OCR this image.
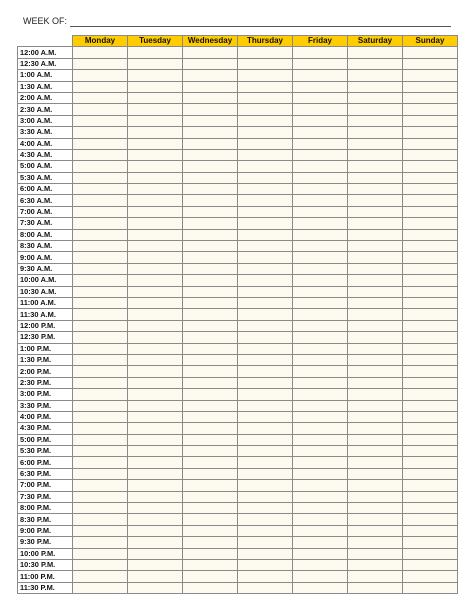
WEEK OF:
	Monday	Tuesday	Wednesday	Thursday	Friday	Saturday	Sunday
12:00 A.M.							
12:30 A.M.							
1:00 A.M.							
1:30 A.M.							
2:00 A.M.							
2:30 A.M.							
3:00 A.M.							
3:30 A.M.							
4:00 A.M.							
4:30 A.M.							
5:00 A.M.							
5:30 A.M.							
6:00 A.M.							
6:30 A.M.							
7:00 A.M.							
7:30 A.M.							
8:00 A.M.							
8:30 A.M.							
9:00 A.M.							
9:30 A.M.							
10:00 A.M.							
10:30 A.M.							
11:00 A.M.							
11:30 A.M.							
12:00 P.M.							
12:30 P.M.							
1:00 P.M.							
1:30 P.M.							
2:00 P.M.							
2:30 P.M.							
3:00 P.M.							
3:30 P.M.							
4:00 P.M.							
4:30 P.M.							
5:00 P.M.							
5:30 P.M.							
6:00 P.M.							
6:30 P.M.							
7:00 P.M.							
7:30 P.M.							
8:00 P.M.							
8:30 P.M.							
9:00 P.M.							
9:30 P.M.							
10:00 P.M.							
10:30 P.M.							
11:00 P.M.							
11:30 P.M.							
